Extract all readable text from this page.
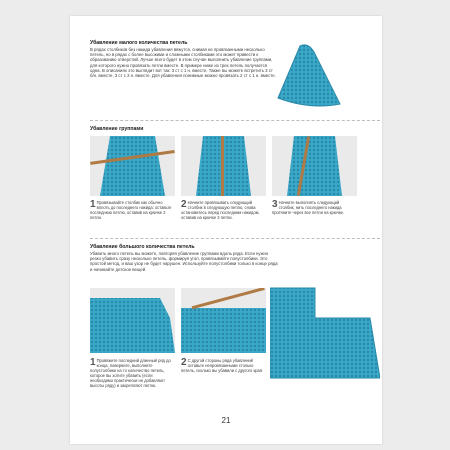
Убавление малого количества петель
В рядах столбиков без накида убавления вяжутся, снимая не провязанными несколько петель, но в рядах с более высокими и сложными столбиками это может привести к образованию отверстий. Лучше всего будет в этом случае выполнить убавление группами, для которого нужно провязать петли вместе. В примере ниже из трех петель получается одна. В описаниях это выглядит вот так: 3 ст с 1 н. вместе. Также вы можете встретить 3 ст б/н. вместе, 3 ст с 2 н. вместе. Для убавления понимные можно провязать 2 ст с 1 н. вместе.
Убавление группами
1 Провязывайте столбик как обычно вплоть до последнего накида: оставьте последнюю петлю, оставив на крючке 2 петли.
2 Начните провязывать следующий столбик в следующую петлю, снова остановитесь перед последним накидом, оставив на крючке 3 петли.
3 Начните выполнять следующий столбик, нить последнего накида протяните через все петли на крючке.
Убавление большого количества петель
Убавить много петель вы можете, повторяя убавление группами вдоль ряда. Если нужно резко убавить сразу несколько петель, формируя угол, провязывайте полустолбики. Это простой метод, и ваш узор не будет нарушен. Используйте полустолбики только в конце ряда и начинайте детское вещей.
1 Провяжите последний длинный ряд до конца, поверните, выполните полустолбики на то количество петель, которое вы хотите убавить (если необходимо практически не добавляют высоты ряду) и закрепляют петлю.
2 С другой стороны ряда убавлений оставьте непровязанными столько петель, сколько вы убавили с другого края.
21
